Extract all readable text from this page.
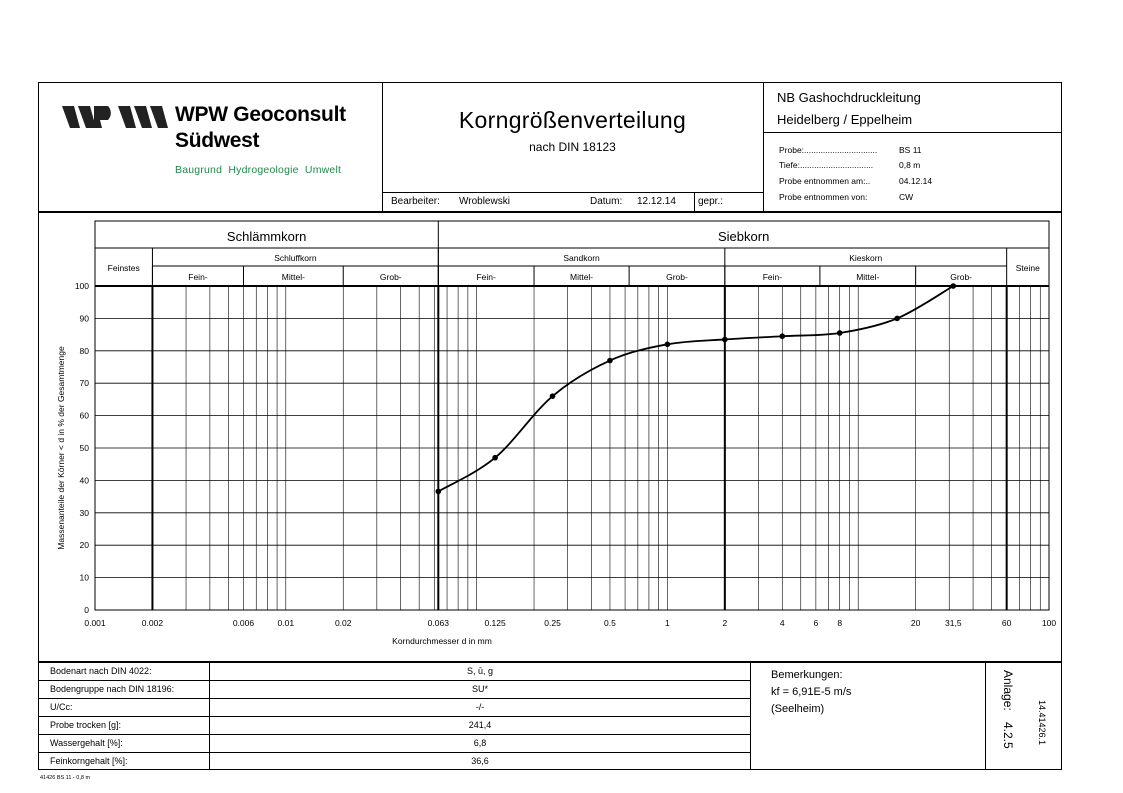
WPW Geoconsult
Südwest
Baugrund  Hydrogeologie  Umwelt
Korngrößenverteilung
nach DIN 18123
Bearbeiter: Wroblewski	Datum: 12.12.14 gepr.:
NB Gashochdruckleitung
Heidelberg / Eppelheim
Probe:...............................	BS 11
Tiefe:...............................	0,8 m
Probe entnommen am:..	04.12.14
Probe entnommen von:	CW
Schlämmkorn	Siebkorn
Feinstes
Schluffkorn	Sandkorn	Kieskorn
Steine
Fein-	Mittel-	Grob-	Fein-	Mittel-	Grob-	Fein-	Mittel-	Grob-
0
10
20
30
40
50
60
70
80
90
100
0.001	0.002	0.006	0.01	0.02	0.063	0.125	0.25	0.5	1	2	4	6 8	20	31,5	60	100
Korndurchmesser d in mm
Massenanteile der Körner < d in % der Gesamtmenge
Bodenart nach DIN 4022:	S, ū, g
Bodengruppe nach DIN 18196:	SU*
U/Cc:	-/-
Probe trocken [g]:	241,4
Wassergehalt [%]:	6,8
Feinkorngehalt [%]:	36,6
Bemerkungen:
kf = 6,91E-5 m/s
(Seelheim)	Anlage:
4.2.5 14.41426.1
41426 BS 11 - 0,8 m
